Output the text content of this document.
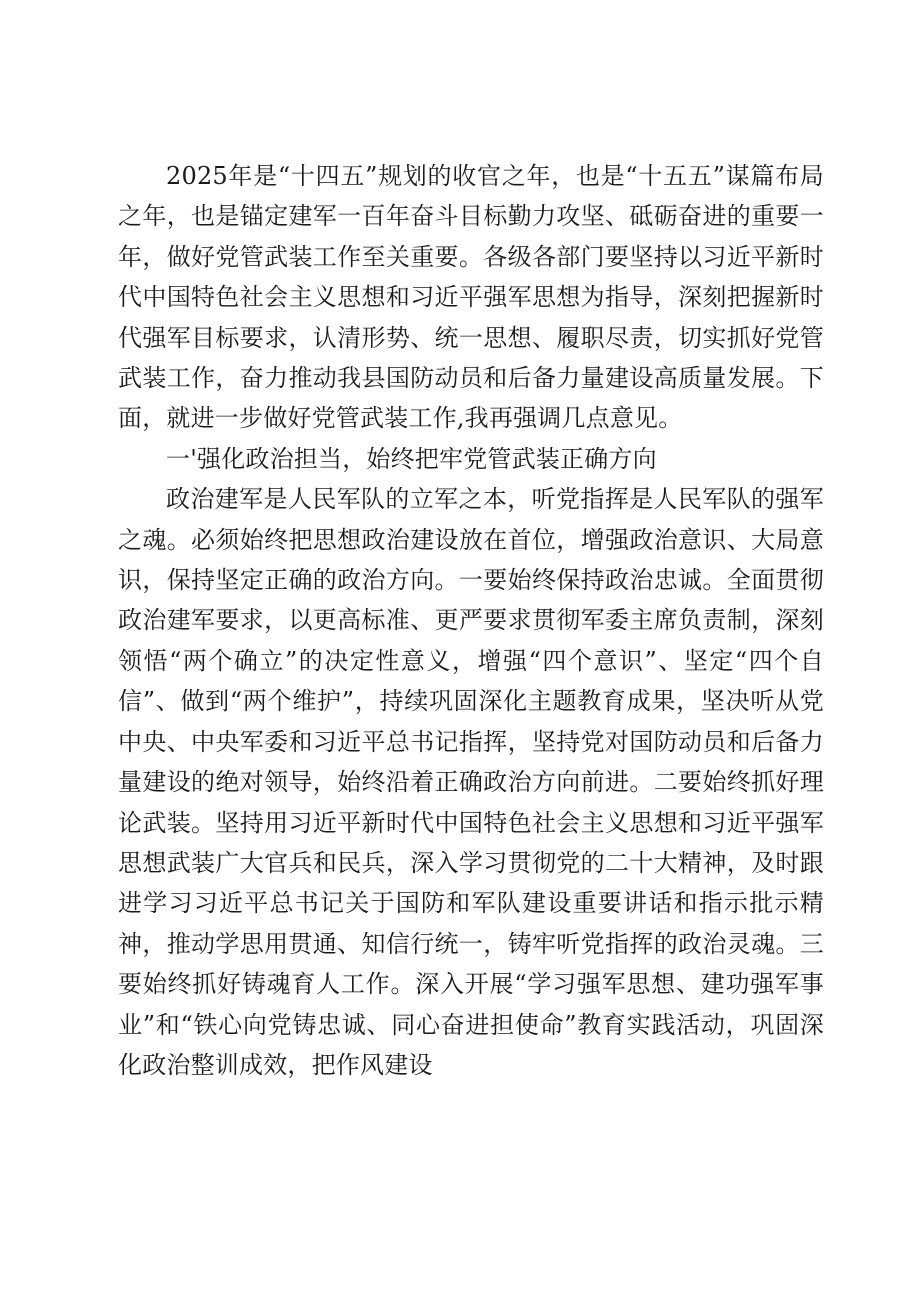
2025年是“十四五”规划的收官之年，也是“十五五”谋篇布局之年，也是锚定建军一百年奋斗目标勤力攻坚、砥砺奋进的重要一年，做好党管武装工作至关重要。各级各部门要坚持以习近平新时代中国特色社会主义思想和习近平强军思想为指导，深刻把握新时代强军目标要求，认清形势、统一思想、履职尽责，切实抓好党管武装工作，奋力推动我县国防动员和后备力量建设高质量发展。下面，就进一步做好党管武装工作,我再强调几点意见。

一'强化政治担当，始终把牢党管武装正确方向

政治建军是人民军队的立军之本，听党指挥是人民军队的强军之魂。必须始终把思想政治建设放在首位，增强政治意识、大局意识，保持坚定正确的政治方向。一要始终保持政治忠诚。全面贯彻政治建军要求，以更高标准、更严要求贯彻军委主席负责制，深刻领悟“两个确立”的决定性意义，增强“四个意识”、坚定“四个自信”、做到“两个维护”，持续巩固深化主题教育成果，坚决听从党中央、中央军委和习近平总书记指挥，坚持党对国防动员和后备力量建设的绝对领导，始终沿着正确政治方向前进。二要始终抓好理论武装。坚持用习近平新时代中国特色社会主义思想和习近平强军思想武装广大官兵和民兵，深入学习贯彻党的二十大精神，及时跟进学习习近平总书记关于国防和军队建设重要讲话和指示批示精神，推动学思用贯通、知信行统一，铸牢听党指挥的政治灵魂。三要始终抓好铸魂育人工作。深入开展“学习强军思想、建功强军事业”和“铁心向党铸忠诚、同心奋进担使命”教育实践活动，巩固深化政治整训成效，把作风建设
